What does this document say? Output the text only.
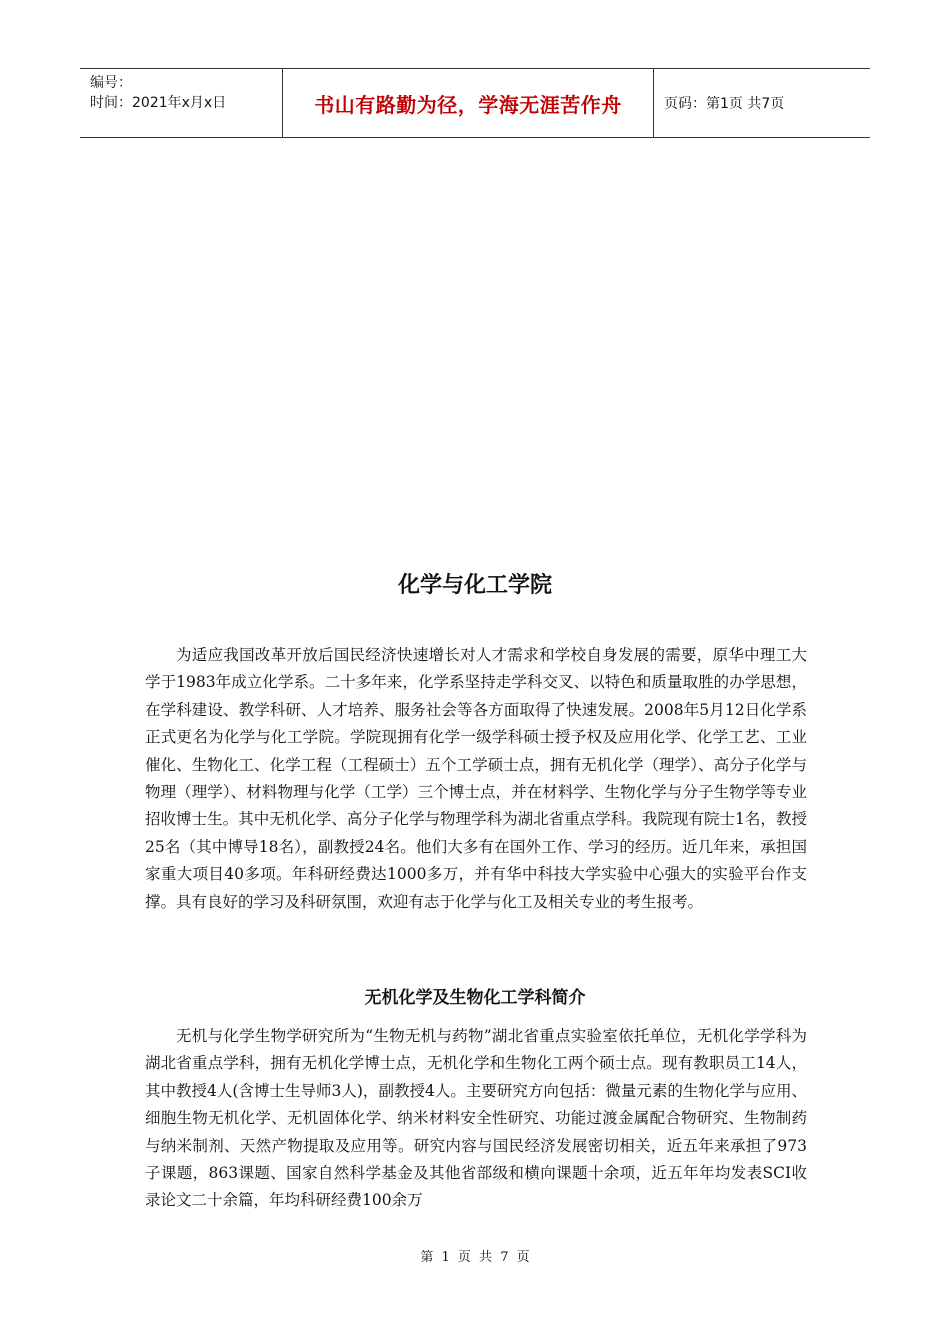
编号：
时间：2021年x月x日	书山有路勤为径，学海无涯苦作舟	页码：第1页 共7页
化学与化工学院

为适应我国改革开放后国民经济快速增长对人才需求和学校自身发展的需要，原华中理工大学于1983年成立化学系。二十多年来，化学系坚持走学科交叉、以特色和质量取胜的办学思想，在学科建设、教学科研、人才培养、服务社会等各方面取得了快速发展。2008年5月12日化学系正式更名为化学与化工学院。学院现拥有化学一级学科硕士授予权及应用化学、化学工艺、工业催化、生物化工、化学工程（工程硕士）五个工学硕士点，拥有无机化学（理学）、高分子化学与物理（理学）、材料物理与化学（工学）三个博士点，并在材料学、生物化学与分子生物学等专业招收博士生。其中无机化学、高分子化学与物理学科为湖北省重点学科。我院现有院士1名，教授25名（其中博导18名），副教授24名。他们大多有在国外工作、学习的经历。近几年来，承担国家重大项目40多项。年科研经费达1000多万，并有华中科技大学实验中心强大的实验平台作支撑。具有良好的学习及科研氛围，欢迎有志于化学与化工及相关专业的考生报考。

无机化学及生物化工学科简介

无机与化学生物学研究所为“生物无机与药物”湖北省重点实验室依托单位，无机化学学科为湖北省重点学科，拥有无机化学博士点，无机化学和生物化工两个硕士点。现有教职员工14人，其中教授4人(含博士生导师3人)，副教授4人。主要研究方向包括：微量元素的生物化学与应用、细胞生物无机化学、无机固体化学、纳米材料安全性研究、功能过渡金属配合物研究、生物制药与纳米制剂、天然产物提取及应用等。研究内容与国民经济发展密切相关，近五年来承担了973子课题，863课题、国家自然科学基金及其他省部级和横向课题十余项，近五年年均发表SCI收录论文二十余篇，年均科研经费100余万

第 1 页 共 7 页
